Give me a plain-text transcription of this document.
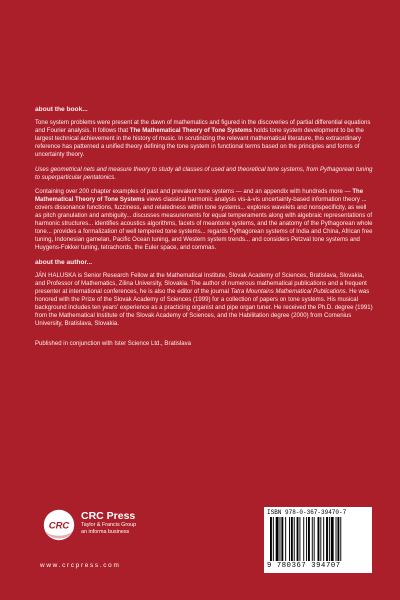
about the book...

Tone system problems were present at the dawn of mathematics and figured in the discoveries of partial differential equations and Fourier analysis. It follows that The Mathematical Theory of Tone Systems holds tone system development to be the largest technical achievement in the history of music. In scrutinizing the relevant mathematical literature, this extraordinary reference has patterned a unified theory defining the tone system in functional terms based on the principles and forms of uncertainty theory.

Uses geometrical nets and measure theory to study all classes of used and theoretical tone systems, from Pythagorean tuning to superparticular pentatonics.

Containing over 200 chapter examples of past and prevalent tone systems — and an appendix with hundreds more — The Mathematical Theory of Tone Systems views classical harmonic analysis vis-à-vis uncertainty-based information theory ... covers dissonance functions, fuzziness, and relatedness within tone systems... explores wavelets and nonspecificity, as well as pitch granulation and ambiguity... discusses measurements for equal temperaments along with algebraic representations of harmonic structures... identifies acoustics algorithms, facets of meantone systems, and the anatomy of the Pythagorean whole tone... provides a formalization of well tempered tone systems... regards Pythagorean systems of India and China, African free tuning, Indonesian gamelan, Pacific Ocean tuning, and Western system trends... and considers Petzval tone systems and Huygens-Fokker tuning, tetrachords, the Euler space, and commas.

about the author...

JÁN HALUSKA is Senior Research Fellow at the Mathematical Institute, Slovak Academy of Sciences, Bratislava, Slovakia, and Professor of Mathematics, Zilina University, Slovakia. The author of numerous mathematical publications and a frequent presenter at international conferences, he is also the editor of the journal Tatra Mountains Mathematical Publications. He was honored with the Prize of the Slovak Academy of Sciences (1999) for a collection of papers on tone systems. His musical background includes ten years' experience as a practicing organist and pipe organ tuner. He received the Ph.D. degree (1991) from the Mathematical Institute of the Slovak Academy of Sciences, and the Habilitation degree (2000) from Comenius University, Bratislava, Slovakia.

Published in conjunction with Ister Science Ltd., Bratislava

CRC
CRC Press
Taylor & Francis Group
an informa business
www.crcpress.com
ISBN 978-0-367-39470-7
9 780367 394707
